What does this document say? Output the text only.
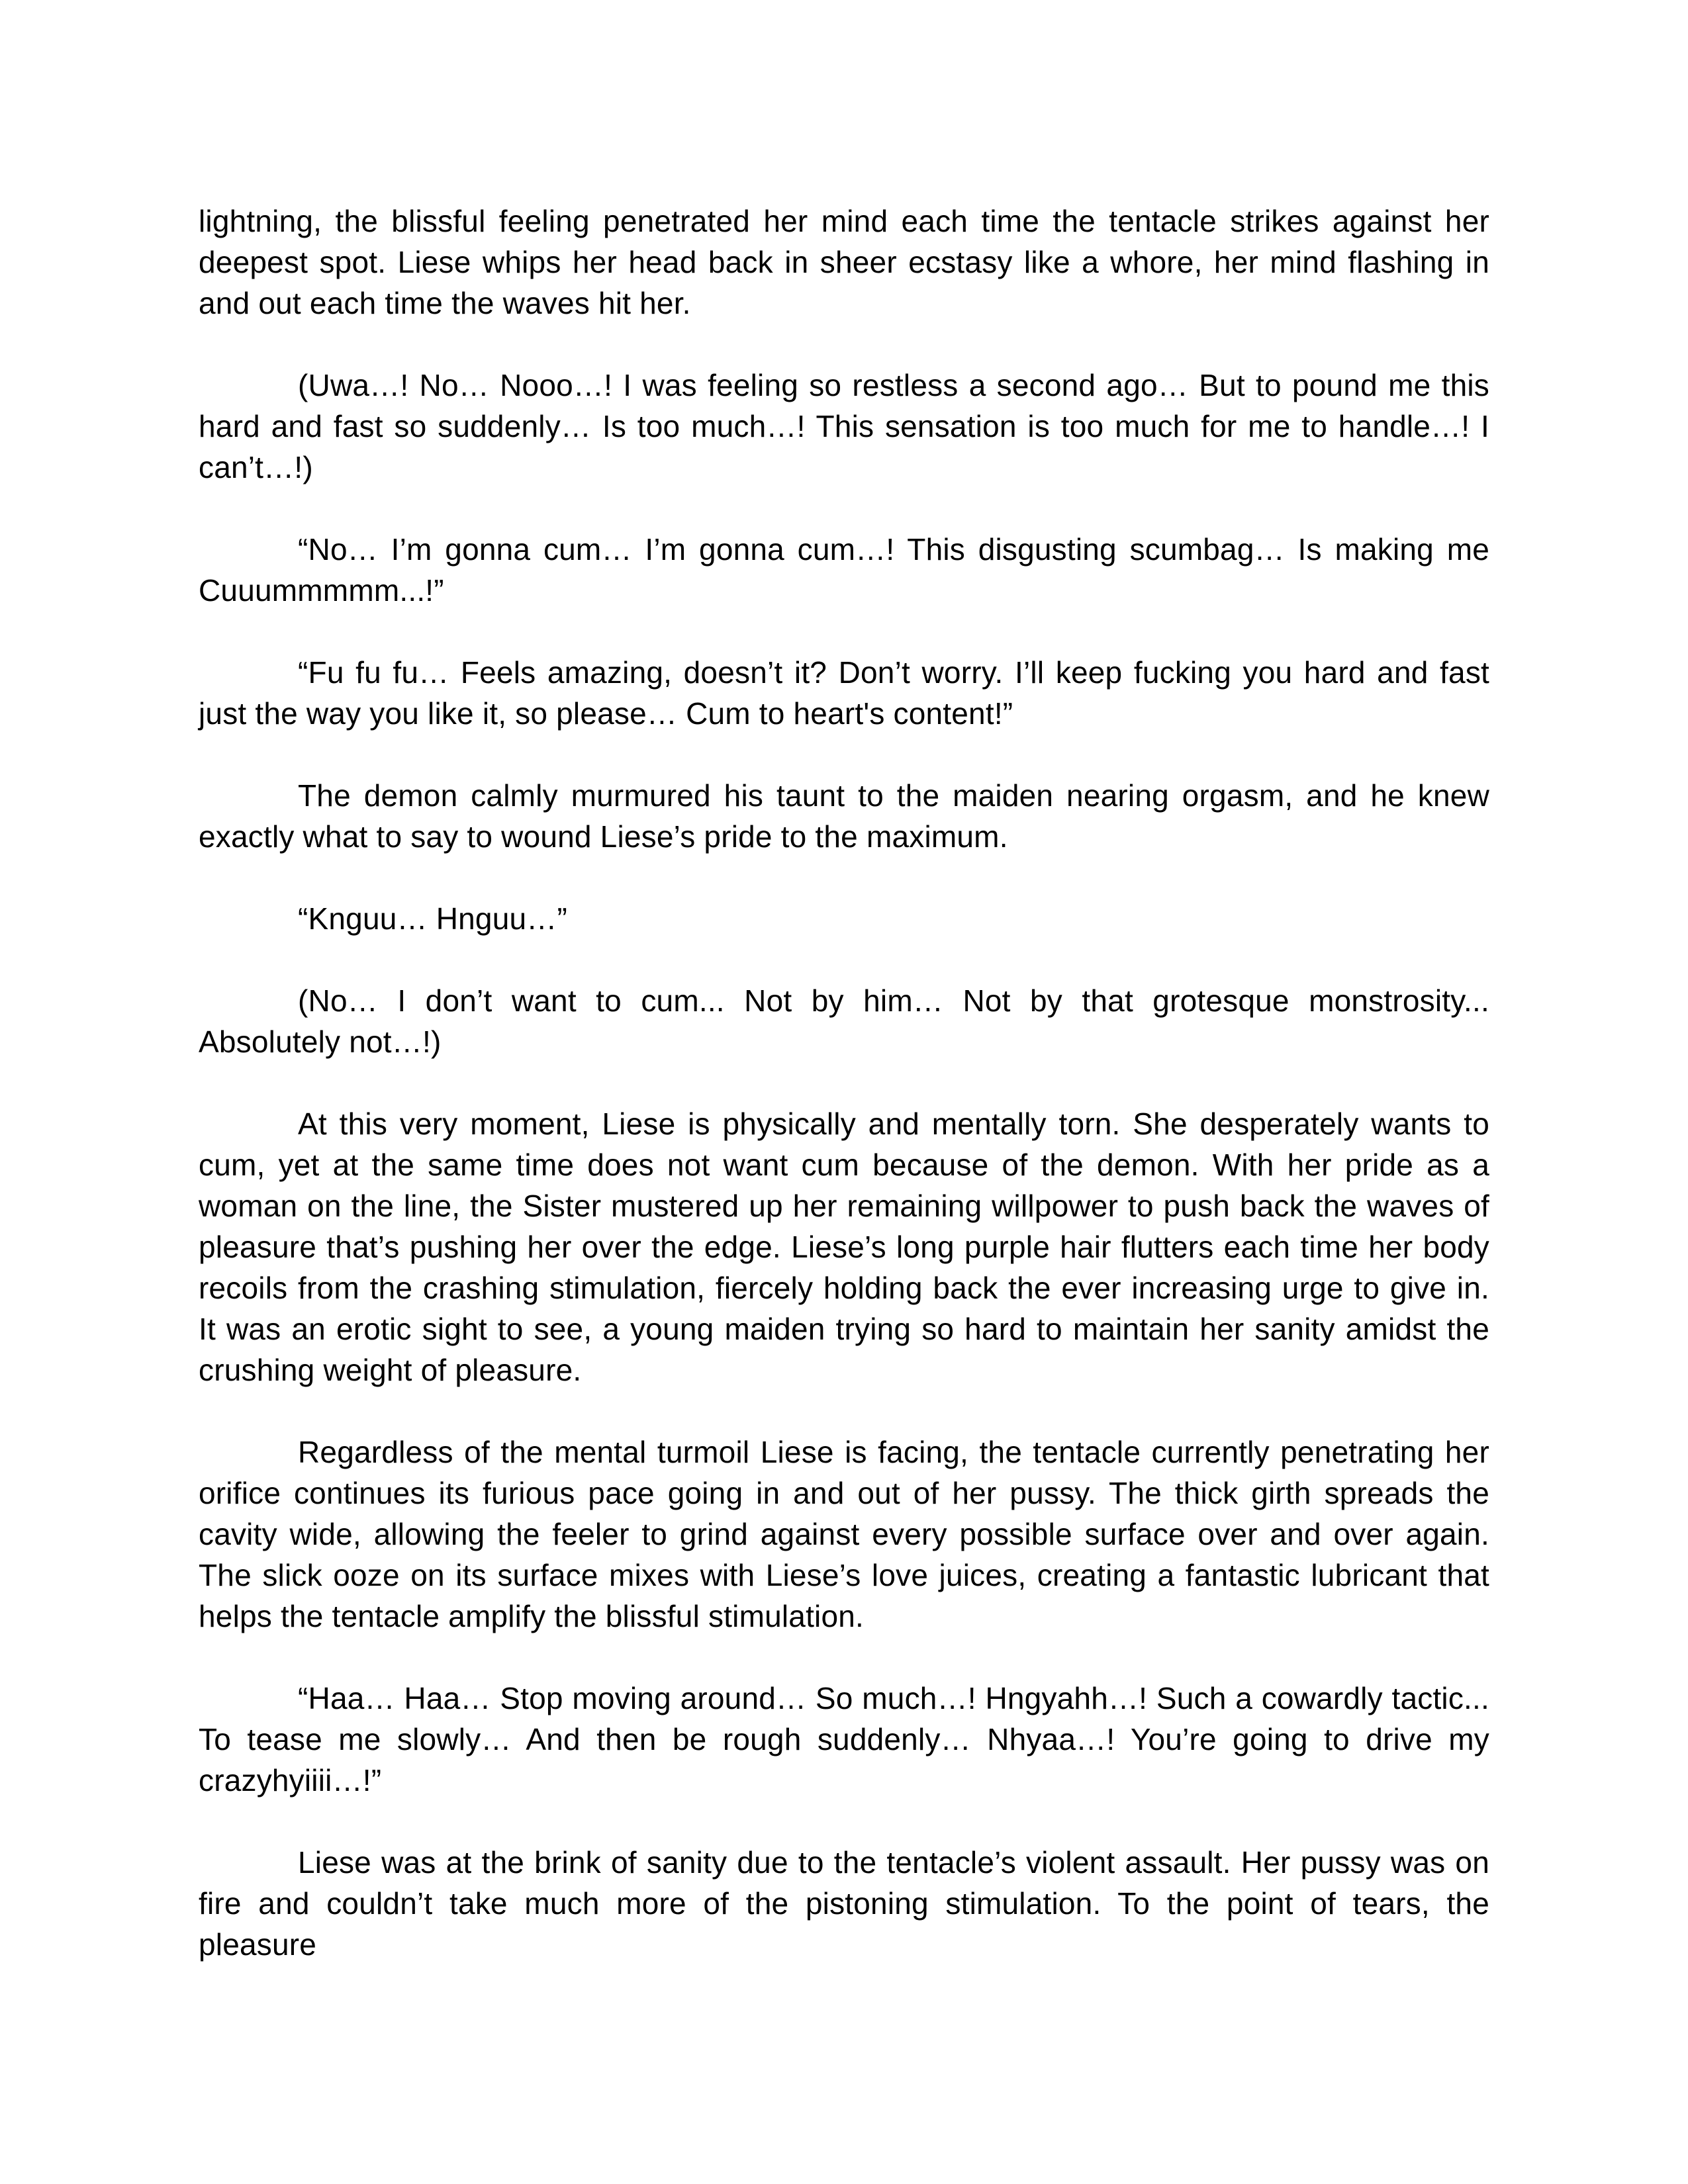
lightning, the blissful feeling penetrated her mind each time the tentacle strikes against her deepest spot. Liese whips her head back in sheer ecstasy like a whore, her mind flashing in and out each time the waves hit her.

(Uwa…! No… Nooo…! I was feeling so restless a second ago… But to pound me this hard and fast so suddenly… Is too much…! This sensation is too much for me to handle…! I can’t…!)

“No… I’m gonna cum… I’m gonna cum…! This disgusting scumbag… Is making me Cuuummmmm...!”

“Fu fu fu… Feels amazing, doesn’t it? Don’t worry. I’ll keep fucking you hard and fast just the way you like it, so please… Cum to heart's content!”

The demon calmly murmured his taunt to the maiden nearing orgasm, and he knew exactly what to say to wound Liese’s pride to the maximum.

“Knguu… Hnguu…”

(No… I don’t want to cum... Not by him… Not by that grotesque monstrosity... Absolutely not…!)

At this very moment, Liese is physically and mentally torn. She desperately wants to cum, yet at the same time does not want cum because of the demon. With her pride as a woman on the line, the Sister mustered up her remaining willpower to push back the waves of pleasure that’s pushing her over the edge. Liese’s long purple hair flutters each time her body recoils from the crashing stimulation, fiercely holding back the ever increasing urge to give in. It was an erotic sight to see, a young maiden trying so hard to maintain her sanity amidst the crushing weight of pleasure.

Regardless of the mental turmoil Liese is facing, the tentacle currently penetrating her orifice continues its furious pace going in and out of her pussy. The thick girth spreads the cavity wide, allowing the feeler to grind against every possible surface over and over again. The slick ooze on its surface mixes with Liese’s love juices, creating a fantastic lubricant that helps the tentacle amplify the blissful stimulation.

“Haa… Haa… Stop moving around… So much…! Hngyahh…! Such a cowardly tactic... To tease me slowly… And then be rough suddenly… Nhyaa…! You’re going to drive my crazyhyiiii…!”

Liese was at the brink of sanity due to the tentacle’s violent assault. Her pussy was on fire and couldn’t take much more of the pistoning stimulation. To the point of tears, the pleasure
